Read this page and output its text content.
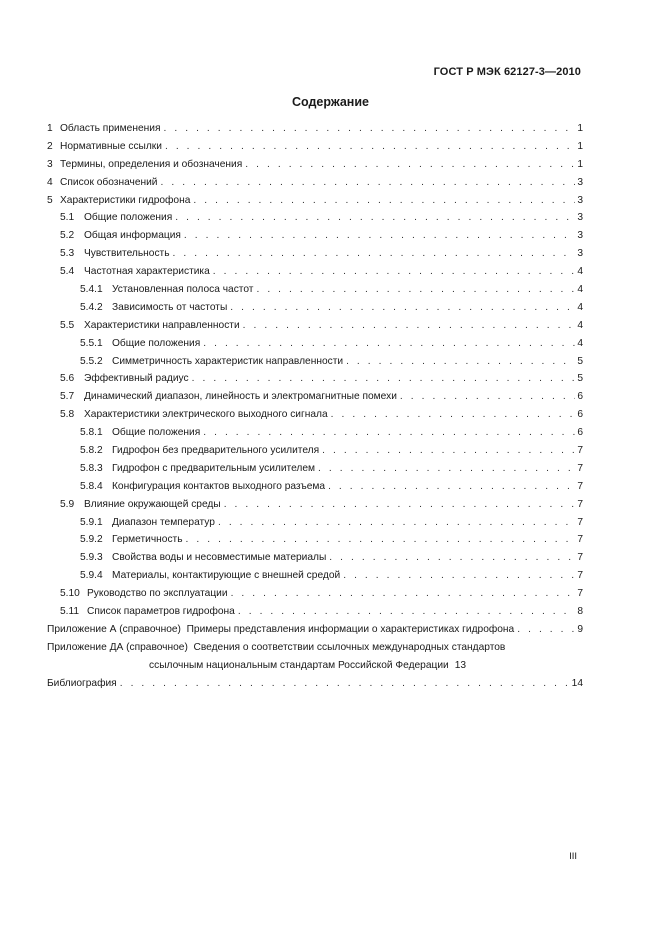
ГОСТ Р МЭК 62127-3—2010
Содержание
1 Область применения . . .	1
2 Нормативные ссылки . . .	1
3 Термины, определения и обозначения . . .	1
4 Список обозначений . . .	3
5 Характеристики гидрофона . . .	3
5.1 Общие положения . . .	3
5.2 Общая информация . . .	3
5.3 Чувствительность . . .	3
5.4 Частотная характеристика . . .	4
5.4.1 Установленная полоса частот . . .	4
5.4.2 Зависимость от частоты . . .	4
5.5 Характеристики направленности . . .	4
5.5.1 Общие положения . . .	4
5.5.2 Симметричность характеристик направленности . . .	5
5.6 Эффективный радиус . . .	5
5.7 Динамический диапазон, линейность и электромагнитные помехи . . .	6
5.8 Характеристики электрического выходного сигнала . . .	6
5.8.1 Общие положения . . .	6
5.8.2 Гидрофон без предварительного усилителя . . .	7
5.8.3 Гидрофон с предварительным усилителем . . .	7
5.8.4 Конфигурация контактов выходного разъема . . .	7
5.9 Влияние окружающей среды . . .	7
5.9.1 Диапазон температур . . .	7
5.9.2 Герметичность . . .	7
5.9.3 Свойства воды и несовместимые материалы . . .	7
5.9.4 Материалы, контактирующие с внешней средой . . .	7
5.10 Руководство по эксплуатации . . .	7
5.11 Список параметров гидрофона . . .	8
Приложение А (справочное)  Примеры представления информации о характеристиках гидрофона . . .	9
Приложение ДА (справочное)  Сведения о соответствии ссылочных международных стандартов
ссылочным национальным стандартам Российской Федерации 13
Библиография . . .	14
III
